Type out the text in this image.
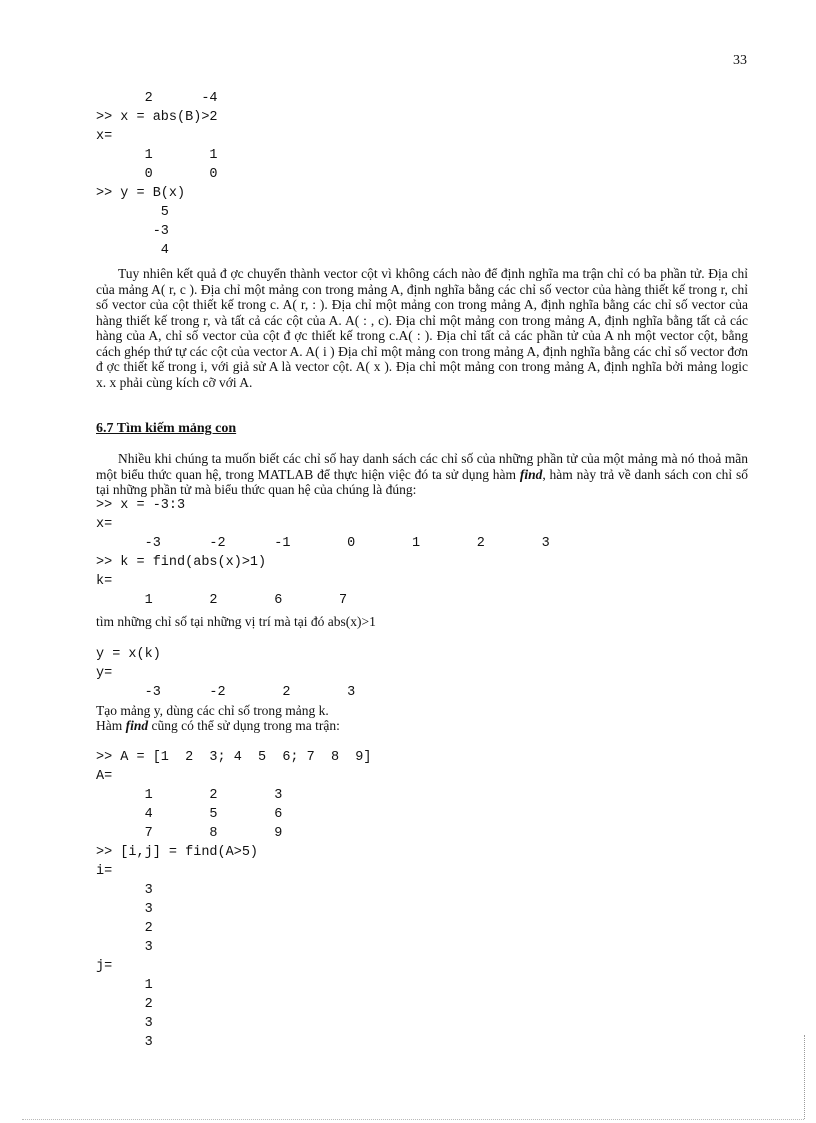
33
2      -4
>> x = abs(B)>2
x=
1       1
0       0
>> y = B(x)
5
-3
4

Tuy nhiên kết quả đ ợc chuyển thành vector cột vì không cách nào để định nghĩa ma trận chỉ có ba phần tử. Địa chỉ của mảng A( r, c ). Địa chỉ một mảng con trong mảng A, định nghĩa bằng các chỉ số vector của hàng thiết kế trong r, chỉ số vector của cột thiết kế trong c. A( r, : ). Địa chỉ một mảng con trong mảng A, định nghĩa bằng các chỉ số vector của hàng thiết kế trong r, và tất cả các cột của A. A( : , c). Địa chỉ một mảng con trong mảng A, định nghĩa bằng tất cả các hàng của A, chỉ số vector của cột đ ợc thiết kế trong c.A( : ). Địa chỉ tất cả các phần tử của A nh một vector cột, bằng cách ghép thứ tự các cột của vector A. A( i ) Địa chỉ một mảng con trong mảng A, định nghĩa bằng các chỉ số vector đơn đ ợc thiết kế trong i, với giả sử A là vector cột. A( x ). Địa chỉ một mảng con trong mảng A, định nghĩa bởi mảng logic x. x phải cùng kích cỡ với A.

6.7 Tìm kiếm mảng con

Nhiều khi chúng ta muốn biết các chỉ số hay danh sách các chỉ số của những phần tử của một mảng mà nó thoả mãn một biểu thức quan hệ, trong MATLAB để thực hiện việc đó ta sử dụng hàm find, hàm này trả về danh sách con chỉ số tại những phần tử mà biểu thức quan hệ của chúng là đúng:

>> x = -3:3
x=
-3      -2      -1       0       1       2       3
>> k = find(abs(x)>1)
k=
1       2       6       7

tìm những chỉ số tại những vị trí mà tại đó abs(x)>1

y = x(k)
y=
-3      -2       2       3

Tạo mảng y, dùng các chỉ số trong mảng k.

Hàm find cũng có thể sử dụng trong ma trận:

>> A = [1  2  3; 4  5  6; 7  8  9]
A=
1       2       3
4       5       6
7       8       9
>> [i,j] = find(A>5)
i=
3
3
2
3
j=
1
2
3
3
